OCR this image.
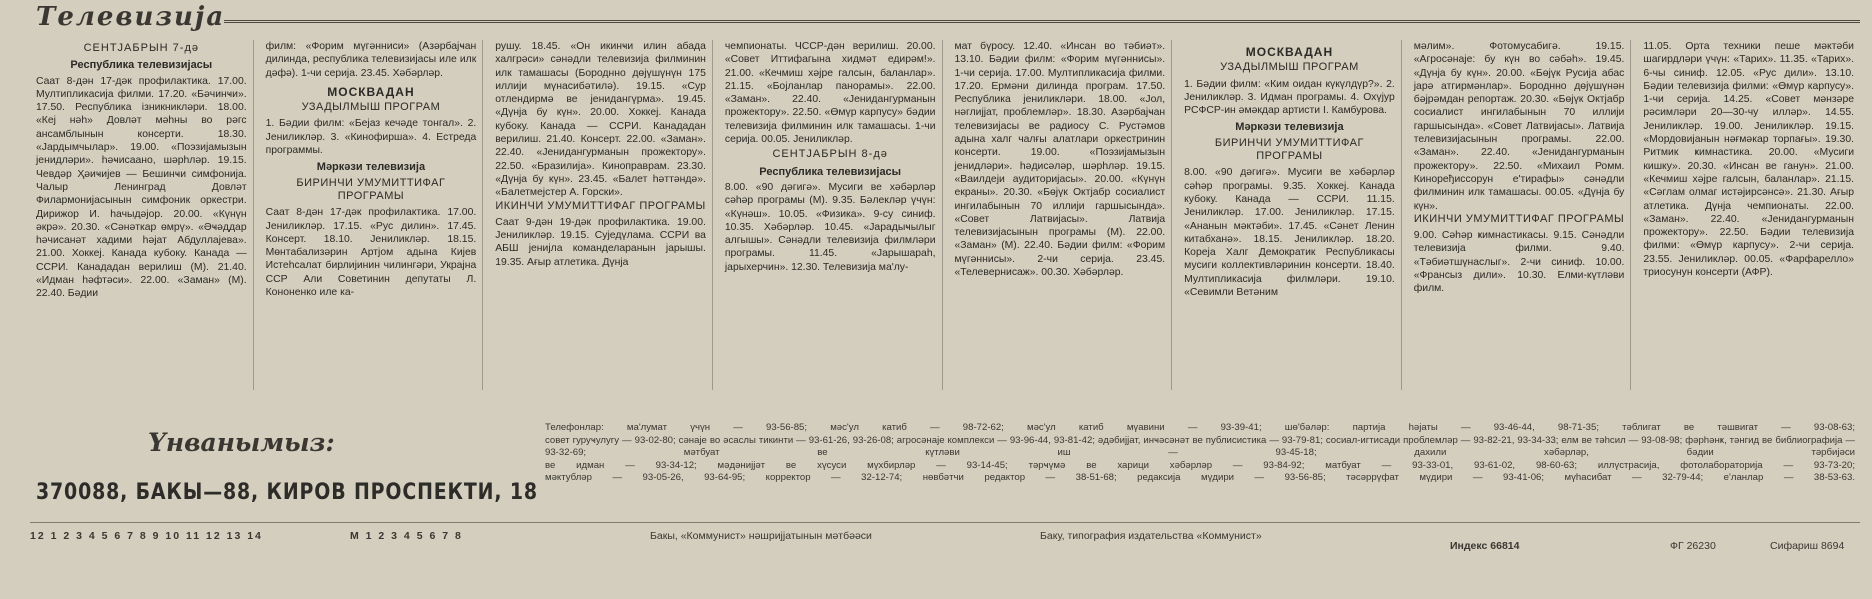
Телевизија

СЕНТЈАБРЫН 7-дә

Республика телевизијасы

Саат 8-дән 17-дәк профилактика. 17.00. Мултипликасија филми. 17.20. «Бәчинҹи». 17.50. Республика ізникникләри. 18.00. «Кеј нәһ» Довләт мәһны во рәгс ансамблынын консерти. 18.30. «Јардымчылар». 19.00. «Поэзијамызын јенидләри». һәҹисаано, шәрһләр. 19.15. Чевдәр Ҳәиҹијев — Бешинҹи симфонија. Чалыр Ленинград Довләт Филармонијасынын симфоник оркестри. Дирижор И. һачыдәјор. 20.00. «Күнүн әкрә». 20.30. «Сәнәткар өмрү». «Әҹәддар һәчисанәт хадими һәјат Абдуллајева». 21.00. Хоккеј. Канада кубоку. Канада — ССРИ. Канададан верилиш (М). 21.40. «Идман һәфтәси». 22.00. «Заман» (М). 22.40. Бәдии

филм: «Форим мүгәнниси» (Азәрбајҹан дилинда, республика телевизијасы иле илк дәфә). 1-чи серија. 23.45. Хәбәрләр.

МОСКВАДАН

УЗАДЫЛМЫШ ПРОГРАМ

1. Бәдии филм: «Бејаз кечәде тонгал». 2. Јениликләр. 3. «Кинофирша». 4. Естреда программы.

Мәркәзи телевизија

БИРИНЧИ УМУМИТТИФАГ ПРОГРАМЫ

Саат 8-дән 17-дәк профилактика. 17.00. Јениликләр. 17.15. «Рус дилин». 17.45. Консерт. 18.10. Јениликләр. 18.15. Мөнтабализәрин Артјом адына Кијев Истеһсалат бирлијинин чилингәри, Украјна ССР Али Советинин депутаты Л. Кононенко иле ка-

рушу. 18.45. «Он икинҹи илин абада халгрәси» сәнәдли телевизија филминин илк тамашасы (Бороднно дөјүшүнүн 175 иллији мүнасибәтилә). 19.15. «Сур отлендирмә ве јенидангүрма». 19.45. «Дүнја бу күн». 20.00. Хоккеј. Канада кубоку. Канада — ССРИ. Канададан верилиш. 21.40. Консерт. 22.00. «Заман». 22.40. «Јенидангурманын прожектору». 22.50. «Бразилија». Киноправрам. 23.30. «Дүнја бу күн». 23.45. «Балет һәттәндә». «Балетмејстер А. Горски».

ИКИНЧИ УМУМИТТИФАГ ПРОГРАМЫ

Саат 9-дән 19-дәк профилактика. 19.00. Јениликләр. 19.15. Суједүлама. ССРИ ва АБШ јенијла команделаранын јарышы. 19.35. Ағыр атлетика. Дүнја

чемпионаты. ЧССР-дән верилиш. 20.00. «Совет Иттифагына хидмәт едирәм!». 21.00. «Кечмиш хәјре галсын, баланлар». 21.15. «Бојланлар панорамы». 22.00. «Заман». 22.40. «Јенидангурманын прожектору». 22.50. «Өмүр карпусу» бәдии телевизија филминин илк тамашасы. 1-чи серија. 00.05. Јениликләр.

СЕНТЈАБРЫН 8-дә

Республика телевизијасы

8.00. «90 дәгигә». Мусиги ве хәбәрләр сәһәр програмы (М). 9.35. Бәлекләр үчүн: «Күнәш». 10.05. «Физика». 9-су синиф. 10.35. Хәбәрләр. 10.45. «Јарадыҹылыг алгышы». Сәнәдли телевизија филмләри програмы. 11.45. «Јарышараһ, јарыхерчин». 12.30. Телевизија ма'лу-

мат бүросу. 12.40. «Инсан во тәбиәт». 13.10. Бәдии филм: «Форим мүгәннисы». 1-чи серија. 17.00. Мултипликасија филми. 17.20. Ермәни дилинда програм. 17.50. Республика јениликләри. 18.00. «Јол, нәглијјат, проблемләр». 18.30. Азәрбајҹан телевизијасы ве радиосу С. Рустәмов адына халг чалғы алатлари оркестринин консерти. 19.00. «Поэзијамызын јенидләри». һәдисәләр, шәрһләр. 19.15. «Ваилдеји аудиторијасы». 20.00. «Күнүн екраны». 20.30. «Бөјүк Октјабр сосиалист ингилабынын 70 иллији гаршысында». «Совет Латвијасы». Латвија телевизијасынын програмы (М). 22.00. «Заман» (М). 22.40. Бәдии филм: «Форим мүгәннисы». 2-чи серија. 23.45. «Телевернисаж». 00.30. Хәбәрләр.

МОСКВАДАН

УЗАДЫЛМЫШ ПРОГРАМ

1. Бәдии филм: «Ким оидан күкүлдүр?». 2. Јениликләр. 3. Идман програмы. 4. Охүјур РСФСР-ин әмәкдар артисти І. Камбурова.

Мәркәзи телевизија

БИРИНЧИ УМУМИТТИФАГ ПРОГРАМЫ

8.00. «90 дәгигә». Мусиги ве хәбәрләр сәһәр програмы. 9.35. Хоккеј. Канада кубоку. Канада — ССРИ. 11.15. Јениликләр. 17.00. Јениликләр. 17.15. «Ананын мәктәби». 17.45. «Сәнет Ленин китабханә». 18.15. Јениликләр. 18.20. Кореја Халг Демократик Республикасы мусиги коллективләринин консерти. 18.40. Мултипликасија филмләри. 19.10. «Севимли Ветәним

мәлим». Фотомусабигә. 19.15. «Агросәнаје: бу күн во сәбәһ». 19.45. «Дүнја бу күн». 20.00. «Бөјүк Русија абас јарә атгирмәнлар». Бороднно дөјүшүнән бәјрәмдан репортаж. 20.30. «Бөјүк Октјабр сосиалист ингилабынын 70 иллији гаршысында». «Совет Латвијасы». Латвија телевизијасынын програмы. 22.00. «Заман». 22.40. «Јенидангурманын прожектору». 22.50. «Михаил Ромм. Киноређиссорун е'тирафы» сәнәдли филминин илк тамашасы. 00.05. «Дүнја бу күн».

ИКИНЧИ УМУМИТТИФАГ ПРОГРАМЫ

9.00. Сәһәр ҝимнастикасы. 9.15. Сәнәдли телевизија филми. 9.40. «Тәбиәтшүнаслыг». 2-чи синиф. 10.00. «Франсыз дили». 10.30. Елми-күтләви филм.

11.05. Орта техники пеше мәктәби шагирдләри үчүн: «Тарих». 11.35. «Тарих». 6-чы синиф. 12.05. «Рус дили». 13.10. Бәдии телевизија филми: «Өмүр карпусу». 1-чи серија. 14.25. «Совет мәнзәре рәсимләри 20—30-чу илләр». 14.55. Јениликләр. 19.00. Јениликләр. 19.15. «Мордовијанын нәғмәкар торпағы». 19.30. Ритмик ҝимнастика. 20.00. «Мусиги кишку». 20.30. «Инсан ве ганун». 21.00. «Кечмиш хәјре галсын, баланлар». 21.15. «Сәглам олмаг истәјирсәнсә». 21.30. Ағыр атлетика. Дүнја чемпионаты. 22.00. «Заман». 22.40. «Јенидангурманын прожектору». 22.50. Бәдии телевизија филми: «Өмүр карпусу». 2-чи серија. 23.55. Јениликләр. 00.05. «Фарфарелло» триосунун консерти (АФР).

Үнванымыз:
370088, БАКЫ—88, КИРОВ ПРОСПЕКТИ, 18

Телефонлар: ма'лумат үчүн — 93-56-85; мәс'ул катиб — 98-72-62; мәс'ул катиб мүавини — 93-39-41; шө'бәләр: партија һәјаты — 93-46-44, 98-71-35; тәблигат ве тәшвигат — 93-08-63;

совет гуруҹулугу — 93-02-80; сәнаје во әсаслы тикинти — 93-61-26, 93-26-08; агросәнаје комплекси — 93-96-44, 93-81-42; әдәбијјат, инҹәсәнәт ве публисистика — 93-79-81; сосиал-игтисади проблемләр — 93-82-21, 93-34-33; елм ве тәһсил — 93-08-98; фәрһәнҝ, тәнгид ве библиографија — 93-32-69; мәтбуат ве күтләви иш — 93-45-18; дахили хәбәрләр, бәдии тәрбијәси

ве идман — 93-34-12; мәдәнијјәт ве хүсуси мүхбирләр — 93-14-45; тәрҹүмә ве харици хәбәрләр — 93-84-92; матбуат — 93-33-01, 93-61-02, 98-60-63; иллүстрасија, фотолабораторија — 93-73-20;

мәктубләр — 93-05-26, 93-64-95; корректор — 32-12-74; нөвбәтчи редактор — 38-51-68; редаксија мүдири — 93-56-85; тәсәррүфат мүдири — 93-41-06; мүһасибат — 32-79-44; е'ланлар — 38-53-63.

12 1 2 3 4 5 6 7 8 9 10 11 12 13 14	М 1 2 3 4 5 6 7 8	Бакы, «Коммунист» нәшријјатынын мәтбәәси	Баку, типография издательства «Коммунист»
Индекс 66814	ФГ 26230	Сифариш 8694
